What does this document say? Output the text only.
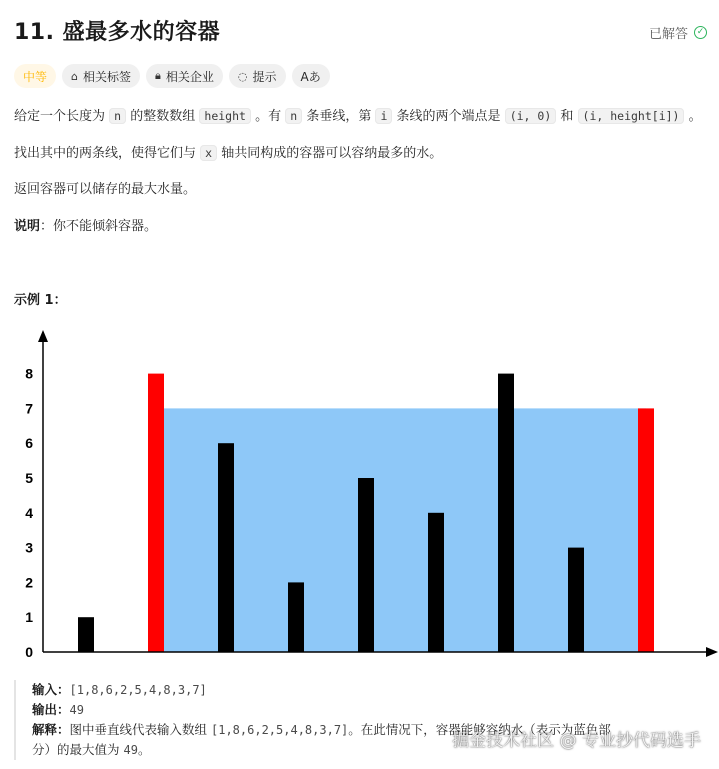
11. 盛最多水的容器	已解答 ✓
中等	⌂ 相关标签 🔒︎ 相关企业 ◌ 提示 Aあ
给定一个长度为 n 的整数数组 height 。有 n 条垂线，第 i 条线的两个端点是 (i, 0) 和 (i, height[i]) 。
找出其中的两条线，使得它们与 x 轴共同构成的容器可以容纳最多的水。
返回容器可以储存的最大水量。
说明：你不能倾斜容器。
示例 1：
0
1
2
3
4
5
6
7
8
输入：[1,8,6,2,5,4,8,3,7]
输出：49
解释：图中垂直线代表输入数组 [1,8,6,2,5,4,8,3,7]。在此情况下，容器能够容纳水（表示为蓝色部
分）的最大值为 49。	掘金技术社区 @ 专业抄代码选手
